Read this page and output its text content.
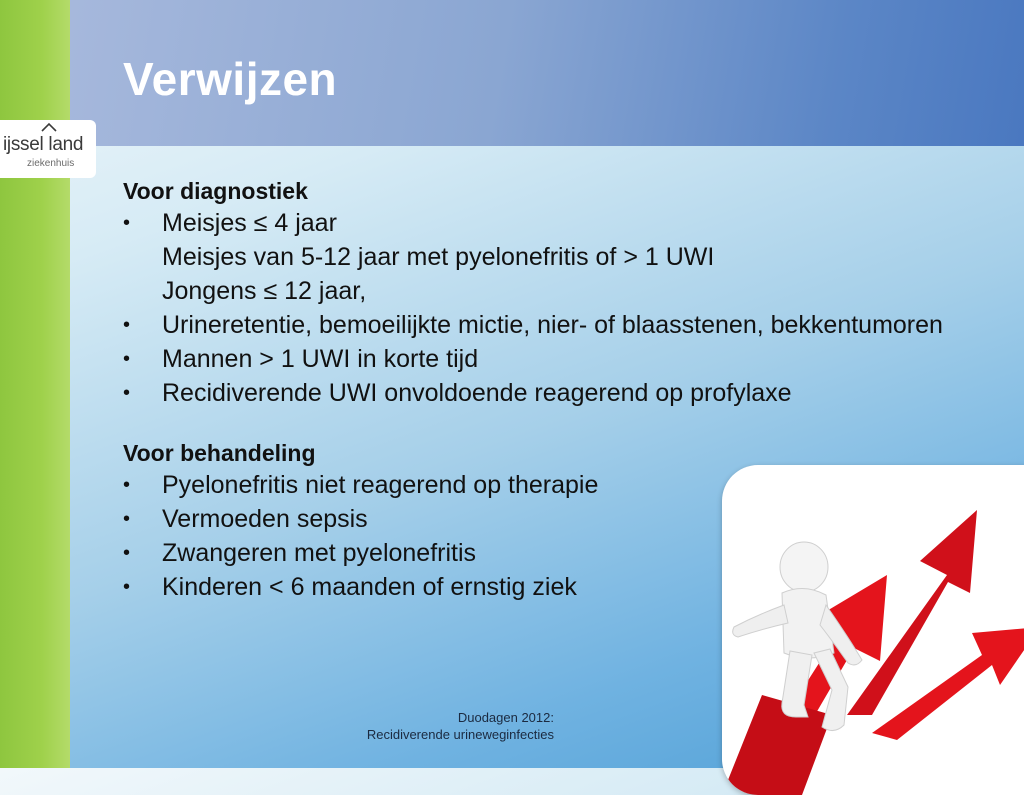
Verwijzen
ijssel land
ziekenhuis
Voor diagnostiek
•	Meisjes ≤ 4 jaar
Meisjes van 5-12 jaar met pyelonefritis of > 1 UWI
Jongens ≤ 12 jaar,
•	Urineretentie, bemoeilijkte mictie, nier- of blaasstenen, bekkentumoren
•	Mannen > 1 UWI in korte tijd
•	Recidiverende UWI onvoldoende reagerend op profylaxe
Voor behandeling
•	Pyelonefritis niet reagerend op therapie
•	Vermoeden sepsis
•	Zwangeren met pyelonefritis
•	Kinderen < 6 maanden of ernstig ziek
Duodagen 2012:
Recidiverende urineweginfecties
